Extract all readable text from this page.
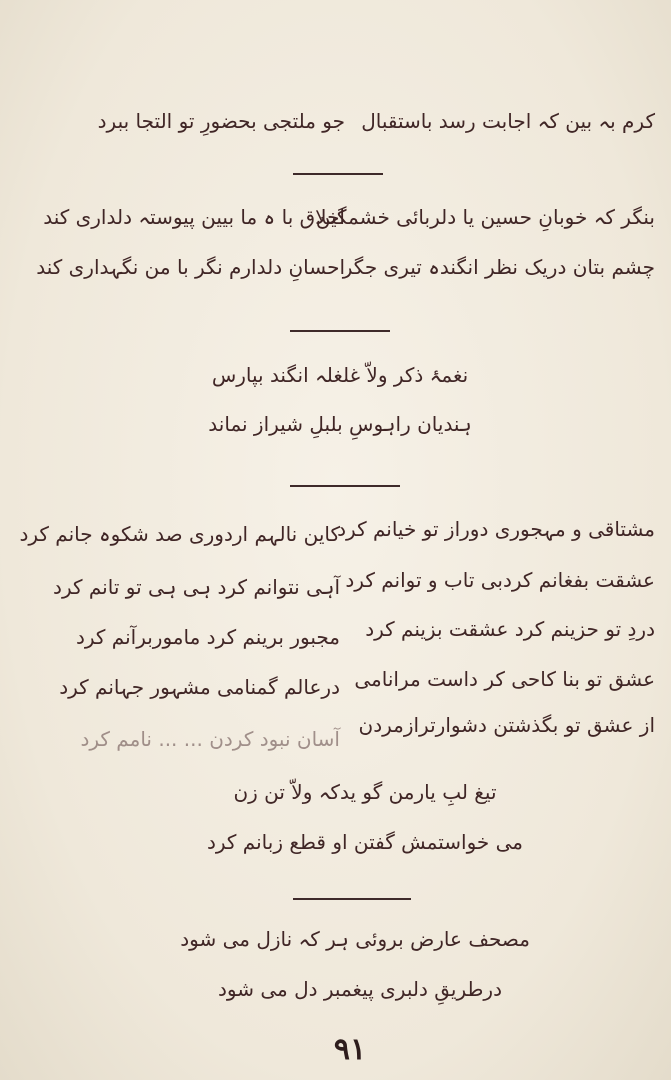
کرم بہ بین کہ اجابت رسد باستقبال
جو ملتجی بحضورِ تو التجا ببرد
بنگر کہ خوبانِ حسین یا دلربائی خشمگین
اخلاق با ہ ما بیین پیوستہ دلداری کند
چشم بتان دریک نظر انگندہ تیری جگر
احسانِ دلدارم نگر با من نگہداری کند
نغمۂ ذکر ولاّ غلغلہ انگند بپارس
ہندیان راہوسِ بلبلِ شیراز نماند
مشتاقی و مہجوری دوراز تو خیانم کرد
کاین نالہم اردوری صد شکوہ جانم کرد
عشقت بفغانم کردبی تاب و توانم کرد
آہی نتوانم کرد ہی ہی تو تانم کرد
دردِ تو حزینم کرد عشقت بزینم کرد
مجبور برینم کرد ماموربرآنم کرد
عشق تو بنا کاحی کر داست مرانامی
درعالم گمنامی مشہور جہانم کرد
از عشق تو بگذشتن دشوارترازمردن
آسان نبود کردن ... ... نامم کرد
تیغ لبِ یارمن گو یدکہ ولاّ تن زن
می خواستمش گفتن او قطع زبانم کرد
مصحف عارض بروئی ہر کہ نازل می شود
درطریقِ دلبری پیغمبر دل می شود
۹۱
